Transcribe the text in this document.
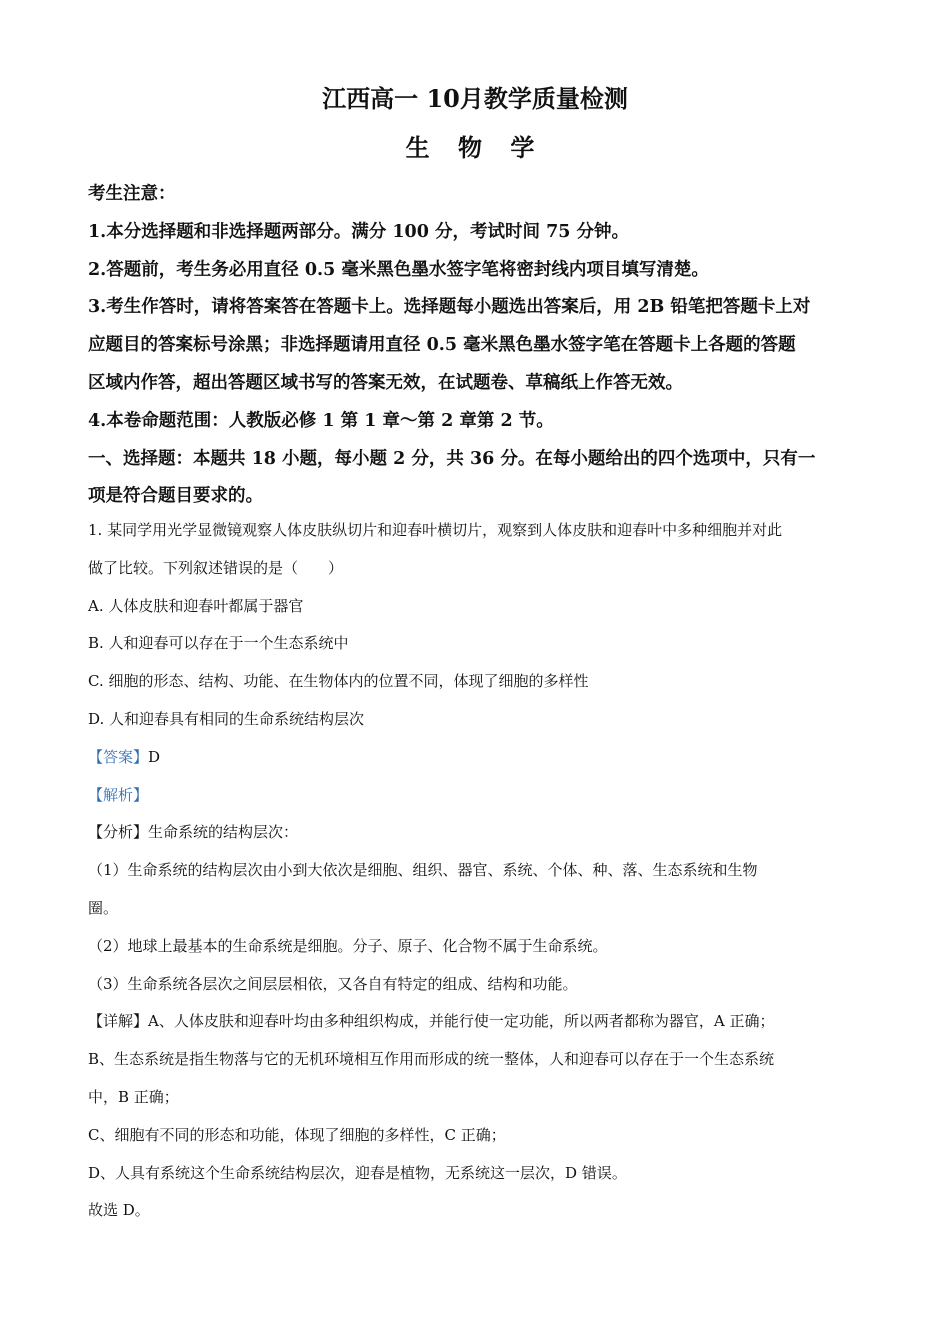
江西高一 10月教学质量检测
生 物 学
考生注意：
1.本分选择题和非选择题两部分。满分 100 分，考试时间 75 分钟。
2.答题前，考生务必用直径 0.5 毫米黑色墨水签字笔将密封线内项目填写清楚。
3.考生作答时，请将答案答在答题卡上。选择题每小题选出答案后，用 2B 铅笔把答题卡上对
应题目的答案标号涂黑；非选择题请用直径 0.5 毫米黑色墨水签字笔在答题卡上各题的答题
区域内作答，超出答题区域书写的答案无效，在试题卷、草稿纸上作答无效。
4.本卷命题范围：人教版必修 1 第 1 章～第 2 章第 2 节。
一、选择题：本题共 18 小题，每小题 2 分，共 36 分。在每小题给出的四个选项中，只有一
项是符合题目要求的。
1. 某同学用光学显微镜观察人体皮肤纵切片和迎春叶横切片，观察到人体皮肤和迎春叶中多种细胞并对此
做了比较。下列叙述错误的是（　　）
A. 人体皮肤和迎春叶都属于器官
B. 人和迎春可以存在于一个生态系统中
C. 细胞的形态、结构、功能、在生物体内的位置不同，体现了细胞的多样性
D. 人和迎春具有相同的生命系统结构层次
【答案】D
【解析】
【分析】生命系统的结构层次：
（1）生命系统的结构层次由小到大依次是细胞、组织、器官、系统、个体、种、落、生态系统和生物
圈。
（2）地球上最基本的生命系统是细胞。分子、原子、化合物不属于生命系统。
（3）生命系统各层次之间层层相依，又各自有特定的组成、结构和功能。
【详解】A、人体皮肤和迎春叶均由多种组织构成，并能行使一定功能，所以两者都称为器官，A 正确；
B、生态系统是指生物落与它的无机环境相互作用而形成的统一整体，人和迎春可以存在于一个生态系统
中，B 正确；
C、细胞有不同的形态和功能，体现了细胞的多样性，C 正确；
D、人具有系统这个生命系统结构层次，迎春是植物，无系统这一层次，D 错误。
故选 D。
